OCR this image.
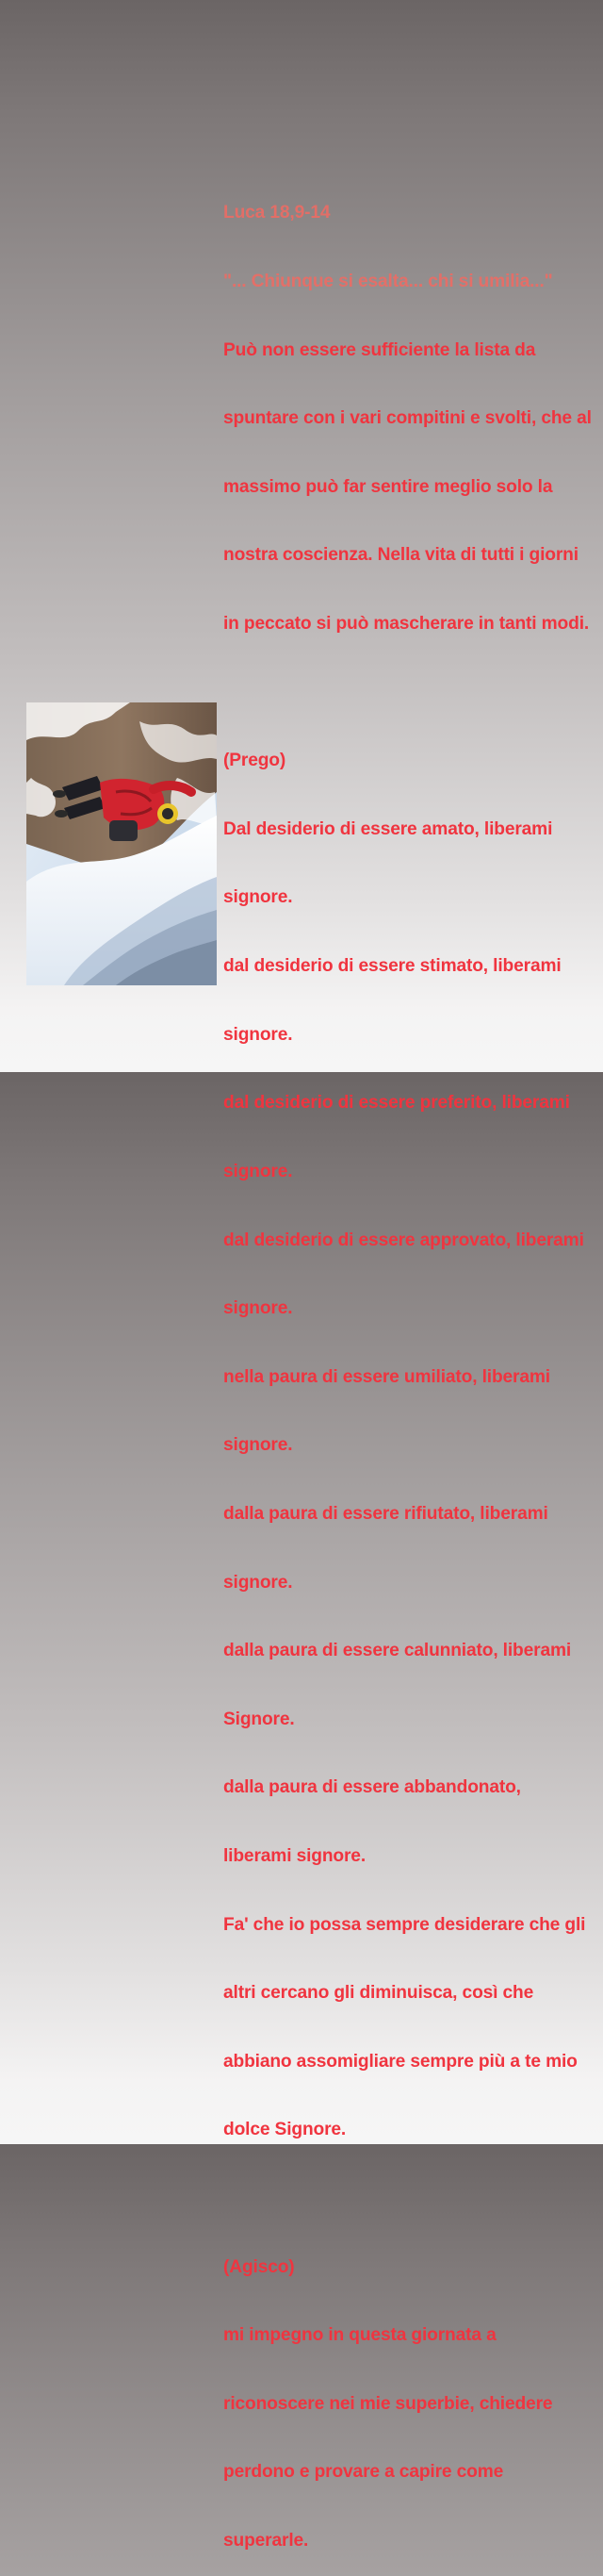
Luca 18,9-14

"... Chiunque si esalta... chi si umilia..."

Può non essere sufficiente la lista da

spuntare con i vari compitini e svolti, che al

massimo può far sentire meglio solo la

nostra coscienza. Nella vita di tutti i giorni

in peccato si può mascherare in tanti modi.

(Prego)

Dal desiderio di essere amato, liberami

signore.

dal desiderio di essere stimato, liberami

signore.

dal desiderio di essere preferito, liberami

signore.

dal desiderio di essere approvato, liberami

signore.

nella paura di essere umiliato, liberami

signore.

dalla paura di essere rifiutato, liberami

signore.

dalla paura di essere calunniato, liberami

Signore.

dalla paura di essere abbandonato,

liberami signore.

Fa' che io possa sempre desiderare che gli

altri cercano gli diminuisca, così che

abbiano assomigliare sempre più a te mio

dolce Signore.

(Agisco)

mi impegno in questa giornata a

riconoscere nei mie superbie, chiedere

perdono e provare a capire come

superarle.
